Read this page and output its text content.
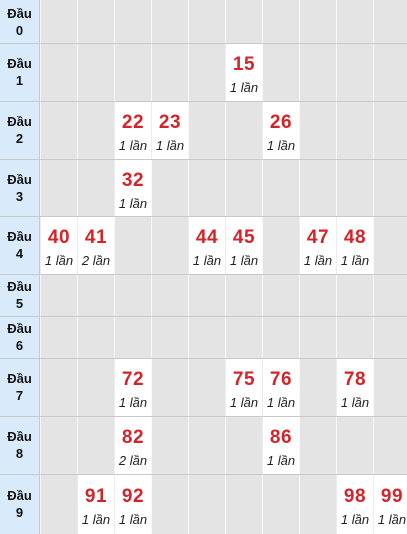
Đầu
0
Đầu
1
15
1 lần
Đầu
2
22
1 lần
23
1 lần
26
1 lần
Đầu
3
32
1 lần
Đầu
4
40
1 lần
41
2 lần
44
1 lần
45
1 lần
47
1 lần
48
1 lần
Đầu
5
Đầu
6
Đầu
7
72
1 lần
75
1 lần
76
1 lần
78
1 lần
Đầu
8
82
2 lần
86
1 lần
Đầu
9
91
1 lần
92
1 lần
98
1 lần
99
1 lần
